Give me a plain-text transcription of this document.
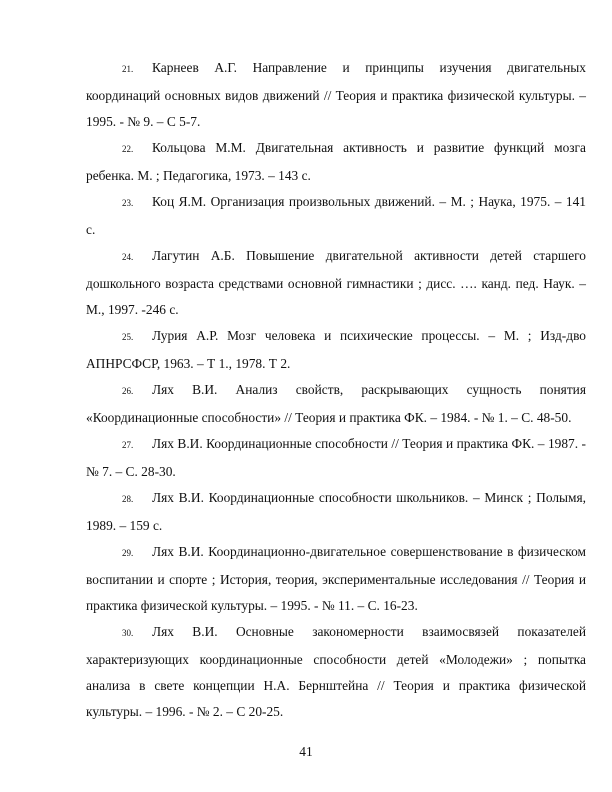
21. Карнеев А.Г. Направление и принципы изучения двигательных координаций основных видов движений // Теория и практика физической культуры. – 1995. - № 9. – С 5-7.

22. Кольцова М.М. Двигательная активность и развитие функций мозга ребенка. М. ; Педагогика, 1973. – 143 с.

23. Коц Я.М. Организация произвольных движений. – М. ; Наука, 1975. – 141 с.

24. Лагутин А.Б. Повышение двигательной активности детей старшего дошкольного возраста средствами основной гимнастики ; дисс. …. канд. пед. Наук. – М., 1997. -246 с.

25. Лурия А.Р. Мозг человека и психические процессы. – М. ; Изд-дво АПНРСФСР, 1963. – Т 1., 1978. Т 2.

26. Лях В.И. Анализ свойств, раскрывающих сущность понятия «Координационные способности» // Теория и практика ФК. – 1984. - № 1. – С. 48-50.

27. Лях В.И. Координационные способности // Теория и практика ФК. – 1987. - № 7. – С. 28-30.

28. Лях В.И. Координационные способности школьников. – Минск ; Полымя, 1989. – 159 с.

29. Лях В.И. Координационно-двигательное совершенствование в физическом воспитании и спорте ; История, теория, экспериментальные исследования // Теория и практика физической культуры. – 1995. - № 11. – С. 16-23.

30. Лях В.И. Основные закономерности взаимосвязей показателей характеризующих координационные способности детей «Молодежи» ; попытка анализа в свете концепции Н.А. Бернштейна // Теория и практика физической культуры. – 1996. - № 2. – С 20-25.

41
